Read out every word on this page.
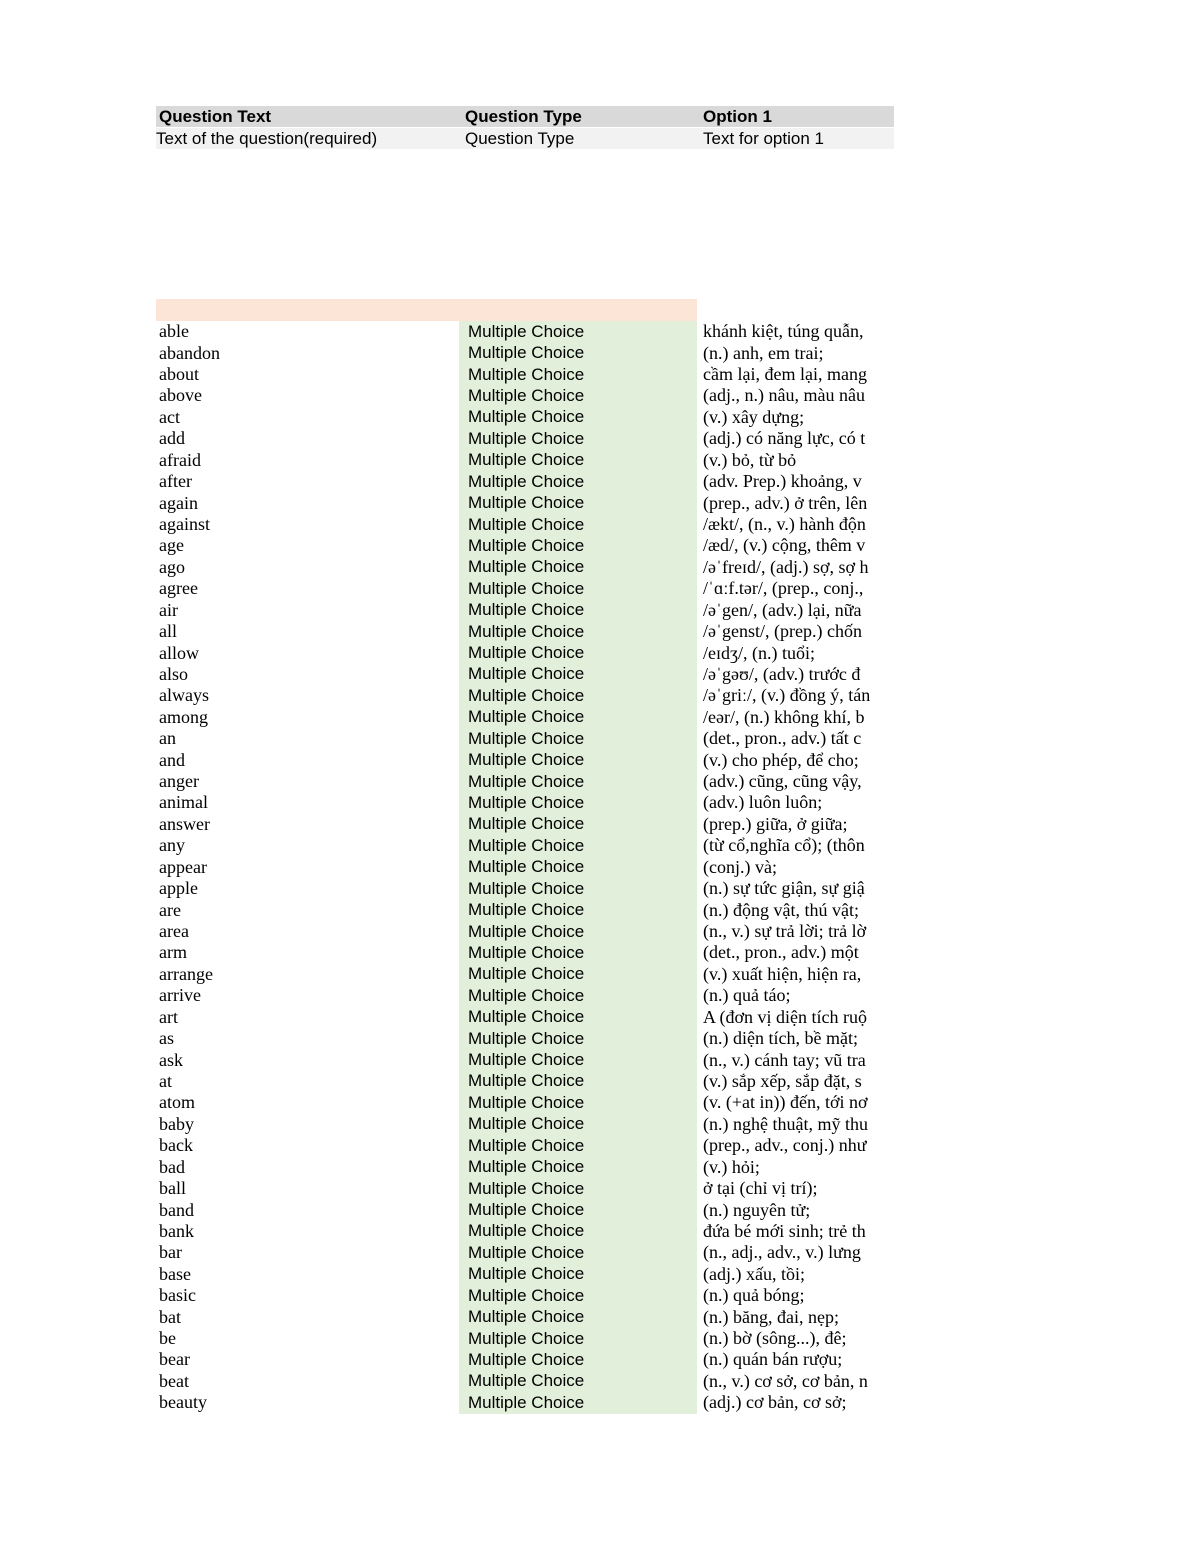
Question Text	Question Type	Option 1
Text of the question(required)	Question Type	Text for option 1
able	Multiple Choice	khánh kiệt, túng quẫn,
abandon	Multiple Choice	(n.) anh, em trai;
about	Multiple Choice	cầm lại, đem lại, mang
above	Multiple Choice	(adj., n.) nâu, màu nâu
act	Multiple Choice	(v.) xây dựng;
add	Multiple Choice	(adj.) có năng lực, có t
afraid	Multiple Choice	(v.) bỏ, từ bỏ
after	Multiple Choice	(adv. Prep.) khoảng, v
again	Multiple Choice	(prep., adv.) ở trên, lên
against	Multiple Choice	/ækt/, (n., v.) hành độn
age	Multiple Choice	/æd/, (v.) cộng, thêm v
ago	Multiple Choice	/əˈfreɪd/, (adj.) sợ, sợ h
agree	Multiple Choice	/ˈɑːf.tər/, (prep., conj.,
air	Multiple Choice	/əˈgen/, (adv.) lại, nữa
all	Multiple Choice	/əˈgenst/, (prep.) chốn
allow	Multiple Choice	/eɪdʒ/, (n.) tuổi;
also	Multiple Choice	/əˈgəʊ/, (adv.) trước đ
always	Multiple Choice	/əˈgriː/, (v.) đồng ý, tán
among	Multiple Choice	/eər/, (n.) không khí, b
an	Multiple Choice	(det., pron., adv.) tất c
and	Multiple Choice	(v.) cho phép, để cho;
anger	Multiple Choice	(adv.) cũng, cũng vậy,
animal	Multiple Choice	(adv.) luôn luôn;
answer	Multiple Choice	(prep.) giữa, ở giữa;
any	Multiple Choice	(từ cổ,nghĩa cổ); (thôn
appear	Multiple Choice	(conj.) và;
apple	Multiple Choice	(n.) sự tức giận, sự giậ
are	Multiple Choice	(n.) động vật, thú vật;
area	Multiple Choice	(n., v.) sự trả lời; trả lờ
arm	Multiple Choice	(det., pron., adv.) một
arrange	Multiple Choice	(v.) xuất hiện, hiện ra,
arrive	Multiple Choice	(n.) quả táo;
art	Multiple Choice	A (đơn vị diện tích ruộ
as	Multiple Choice	(n.) diện tích, bề mặt;
ask	Multiple Choice	(n., v.) cánh tay; vũ tra
at	Multiple Choice	(v.) sắp xếp, sắp đặt, s
atom	Multiple Choice	(v. (+at in)) đến, tới nơ
baby	Multiple Choice	(n.) nghệ thuật, mỹ thu
back	Multiple Choice	(prep., adv., conj.) như
bad	Multiple Choice	(v.) hỏi;
ball	Multiple Choice	ở tại (chỉ vị trí);
band	Multiple Choice	(n.) nguyên tử;
bank	Multiple Choice	đứa bé mới sinh; trẻ th
bar	Multiple Choice	(n., adj., adv., v.) lưng
base	Multiple Choice	(adj.) xấu, tồi;
basic	Multiple Choice	(n.) quả bóng;
bat	Multiple Choice	(n.) băng, đai, nẹp;
be	Multiple Choice	(n.) bờ (sông...), đê;
bear	Multiple Choice	(n.) quán bán rượu;
beat	Multiple Choice	(n., v.) cơ sở, cơ bản, n
beauty	Multiple Choice	(adj.) cơ bản, cơ sở;
